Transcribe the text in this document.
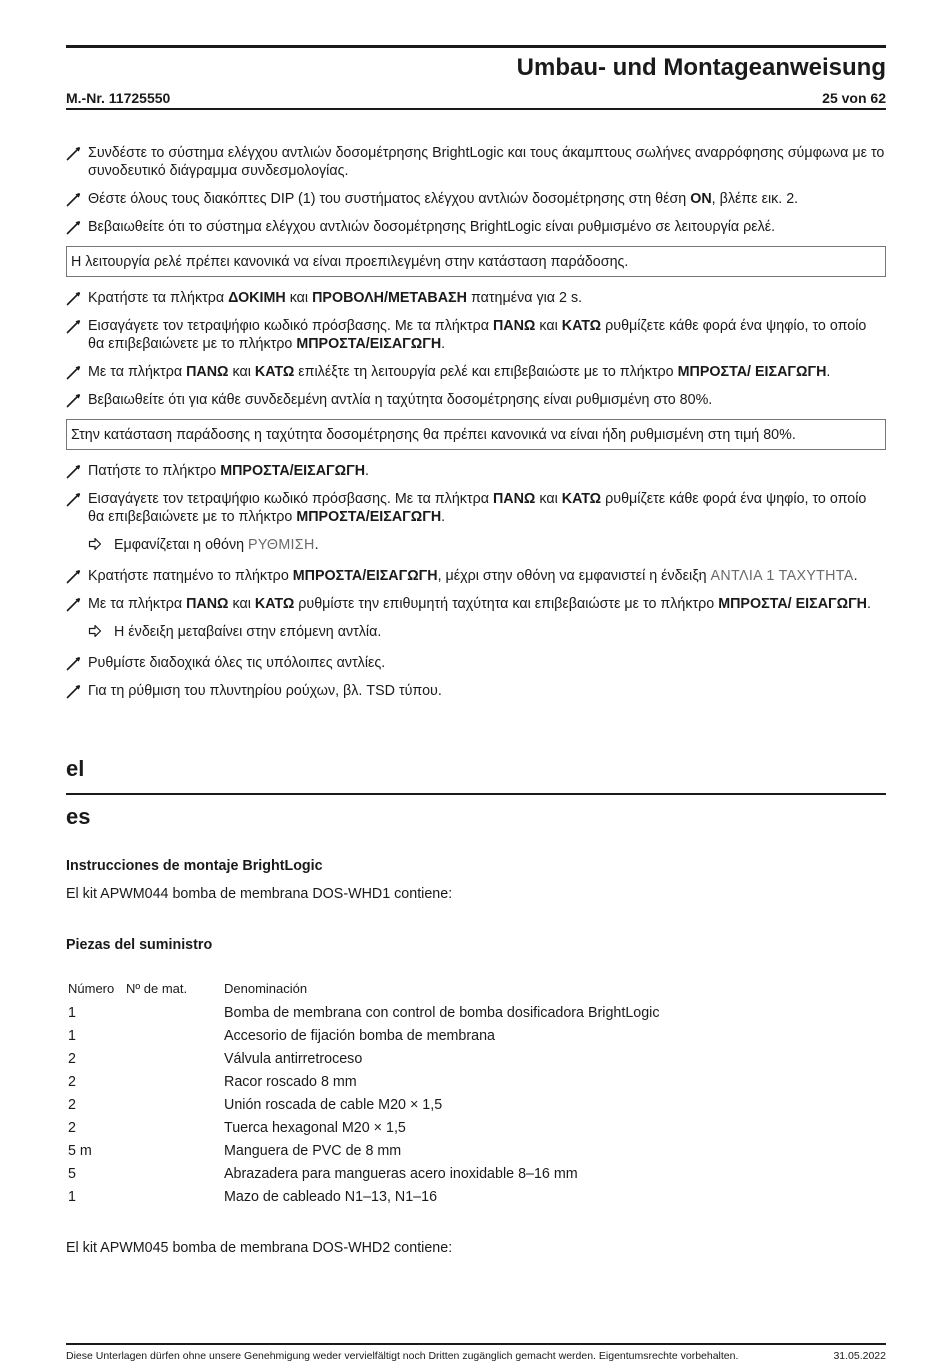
Umbau- und Montageanweisung
M.-Nr. 11725550	25 von 62
Συνδέστε το σύστημα ελέγχου αντλιών δοσομέτρησης BrightLogic και τους άκαμπτους σωλήνες αναρρόφησης σύμφωνα με το συνοδευτικό διάγραμμα συνδεσμολογίας.
Θέστε όλους τους διακόπτες DIP (1) του συστήματος ελέγχου αντλιών δοσομέτρησης στη θέση ON, βλέπε εικ. 2.
Βεβαιωθείτε ότι το σύστημα ελέγχου αντλιών δοσομέτρησης BrightLogic είναι ρυθμισμένο σε λειτουργία ρελέ.
Η λειτουργία ρελέ πρέπει κανονικά να είναι προεπιλεγμένη στην κατάσταση παράδοσης.
Κρατήστε τα πλήκτρα ΔΟΚΙΜΗ και ΠΡΟΒΟΛΗ/ΜΕΤΑΒΑΣΗ πατημένα για 2 s.
Εισαγάγετε τον τετραψήφιο κωδικό πρόσβασης. Με τα πλήκτρα ΠΑΝΩ και ΚΑΤΩ ρυθμίζετε κάθε φορά ένα ψηφίο, το οποίο θα επιβεβαιώνετε με το πλήκτρο ΜΠΡΟΣΤΑ/ΕΙΣΑΓΩΓΗ.
Με τα πλήκτρα ΠΑΝΩ και ΚΑΤΩ επιλέξτε τη λειτουργία ρελέ και επιβεβαιώστε με το πλήκτρο ΜΠΡΟΣΤΑ/ ΕΙΣΑΓΩΓΗ.
Βεβαιωθείτε ότι για κάθε συνδεδεμένη αντλία η ταχύτητα δοσομέτρησης είναι ρυθμισμένη στο 80%.
Στην κατάσταση παράδοσης η ταχύτητα δοσομέτρησης θα πρέπει κανονικά να είναι ήδη ρυθμισμένη στη τιμή 80%.
Πατήστε το πλήκτρο ΜΠΡΟΣΤΑ/ΕΙΣΑΓΩΓΗ.
Εισαγάγετε τον τετραψήφιο κωδικό πρόσβασης. Με τα πλήκτρα ΠΑΝΩ και ΚΑΤΩ ρυθμίζετε κάθε φορά ένα ψηφίο, το οποίο θα επιβεβαιώνετε με το πλήκτρο ΜΠΡΟΣΤΑ/ΕΙΣΑΓΩΓΗ.
Εμφανίζεται η οθόνη ΡΥΘΜΙΣΗ.
Κρατήστε πατημένο το πλήκτρο ΜΠΡΟΣΤΑ/ΕΙΣΑΓΩΓΗ, μέχρι στην οθόνη να εμφανιστεί η ένδειξη ΑΝΤΛΙΑ 1 ΤΑΧΥΤΗΤΑ.
Με τα πλήκτρα ΠΑΝΩ και ΚΑΤΩ ρυθμίστε την επιθυμητή ταχύτητα και επιβεβαιώστε με το πλήκτρο ΜΠΡΟΣΤΑ/ ΕΙΣΑΓΩΓΗ.
Η ένδειξη μεταβαίνει στην επόμενη αντλία.
Ρυθμίστε διαδοχικά όλες τις υπόλοιπες αντλίες.
Για τη ρύθμιση του πλυντηρίου ρούχων, βλ. TSD τύπου.
el
es
Instrucciones de montaje BrightLogic

El kit APWM044 bomba de membrana DOS-WHD1 contiene:

Piezas del suministro
Número	Nº de mat.	Denominación
1		Bomba de membrana con control de bomba dosificadora BrightLogic
1		Accesorio de fijación bomba de membrana
2		Válvula antirretroceso
2		Racor roscado 8 mm
2		Unión roscada de cable M20 × 1,5
2		Tuerca hexagonal M20 × 1,5
5 m		Manguera de PVC de 8 mm
5		Abrazadera para mangueras acero inoxidable 8–16 mm
1		Mazo de cableado N1–13, N1–16

El kit APWM045 bomba de membrana DOS-WHD2 contiene:

Diese Unterlagen dürfen ohne unsere Genehmigung weder vervielfältigt noch Dritten zugänglich gemacht werden. Eigentumsrechte vorbehalten.	31.05.2022
